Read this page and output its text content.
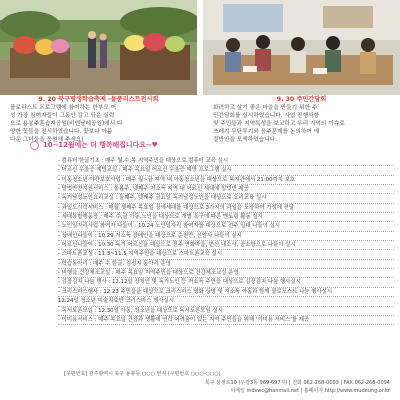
9. 20 북구평생학습축제 -물품리스트전시회
플로리스트 프로그램에 참여하는 한부모 여
성 가장 참여자들이 그동안 갈고 닦은 실력
으로 용봉주훈습지공원(비엔날레공원)에서 다
양한 꽃들을 전시하였습니다. 꽃보다 아름
다운 그녀들을 응원해 주세요!
9. 30 주민간담회
화려하고 살기 좋은 마을을 만들기 위한 주
민간담회를 실시하였습니다. 사업 진행사항
및 주민들과 지역특성을 보고하고 우리 지역의 이슈로
쓰레기 무단투기와 음주문제를 논의하여 예
절방안을 모색하였습니다.
10~12월에는 더 행복해집니다요~♥
- 컴퓨터 한글기초 : 매주 월,수,목 지역주민을 대상으로 컴퓨터 교육 실시
- 어르신 우울증 예방교실 : 매주 목요일 어르신 우울증 예방 프로그램 실시
- 이동청소년 야간보호사업 : 매주 월~금 지역 내 아동청소년을 대상으로 복지관에서 21:00까지 보호
- 말벗반찬지원서비스 : 돌봄주, 넷째주 저소득 지역 내 어르신 세대에 말벗반 제공
- 독거남성노인요리교실 : 둘째주, 넷째주 금요일 독거남성노인을 대상으로 요리교육 실시
- 과일도시락서비스 : 매월 셋째주 목요일 장애세대를 대상으로 3가지의 과일을 포장하여 가정에 전달
- 세대통합행동장 : 매주 수,금 아동,노인을 대상으로 개별 욕구에 따른 멘토링 활동 실시
- 노인일자리사업 참여자 나들이 : 10.24 노인일자리 참여자를 대상으로 전주 일대 나들이 실시
- 장애인나들이 : 10.29 저소득 장애인을 대상으로 순천만, 선암사 나들이 실시
- 어르신나들이 : 10.30 독거 어르신을 대상으로 전주 연화마을, 변산 내소사, 곰소항으로 나들이 실시
- 스마트폰교실 : 11.3~11.5 지역주민을 대상으로 스마트폰교육 실시
- 학습동아리 : 매주 수 한글, 검정지 동아리 운영
- 비행을 건강체조교실 : 매주 목요일 지역주민을 대상으로 건강체조교실 운영
- 김장김치 나눔 행사 : 12.12일 장애인 및 독거노인 등 저소득 주민을 대상으로 김장김치 나눔 행사실시
- 크리스마스행사 : 12.23 주민들을 대상으로 크리스마스 영화 상영 및 저소득 아동과 함께 콜로포스트 나눔 행사실시
12.24일 청소년 미술치료반 크리스마스 행사실시
- 독서토론모임 : 12.30일 아동, 청소년을 대상으로 독서토론모임 실시
- 이미용서비스 : 매주 목요일 건강과 생활에 연락 어려움이 있는 지역 주민들을 위해 '이미용 서비스'를 제공
[우편번호] 광주광역시 북구 용봉동 ○○○ 번지 (우편번호 ○○○-○○○)
북구 삼정로10 (우광3동 969-697지) | 전화 062-268-0093 | FAX 062-268-0094
이메일 mdswc@hanmail.net | 홈페이지 http://www.mudeung.or.kr
